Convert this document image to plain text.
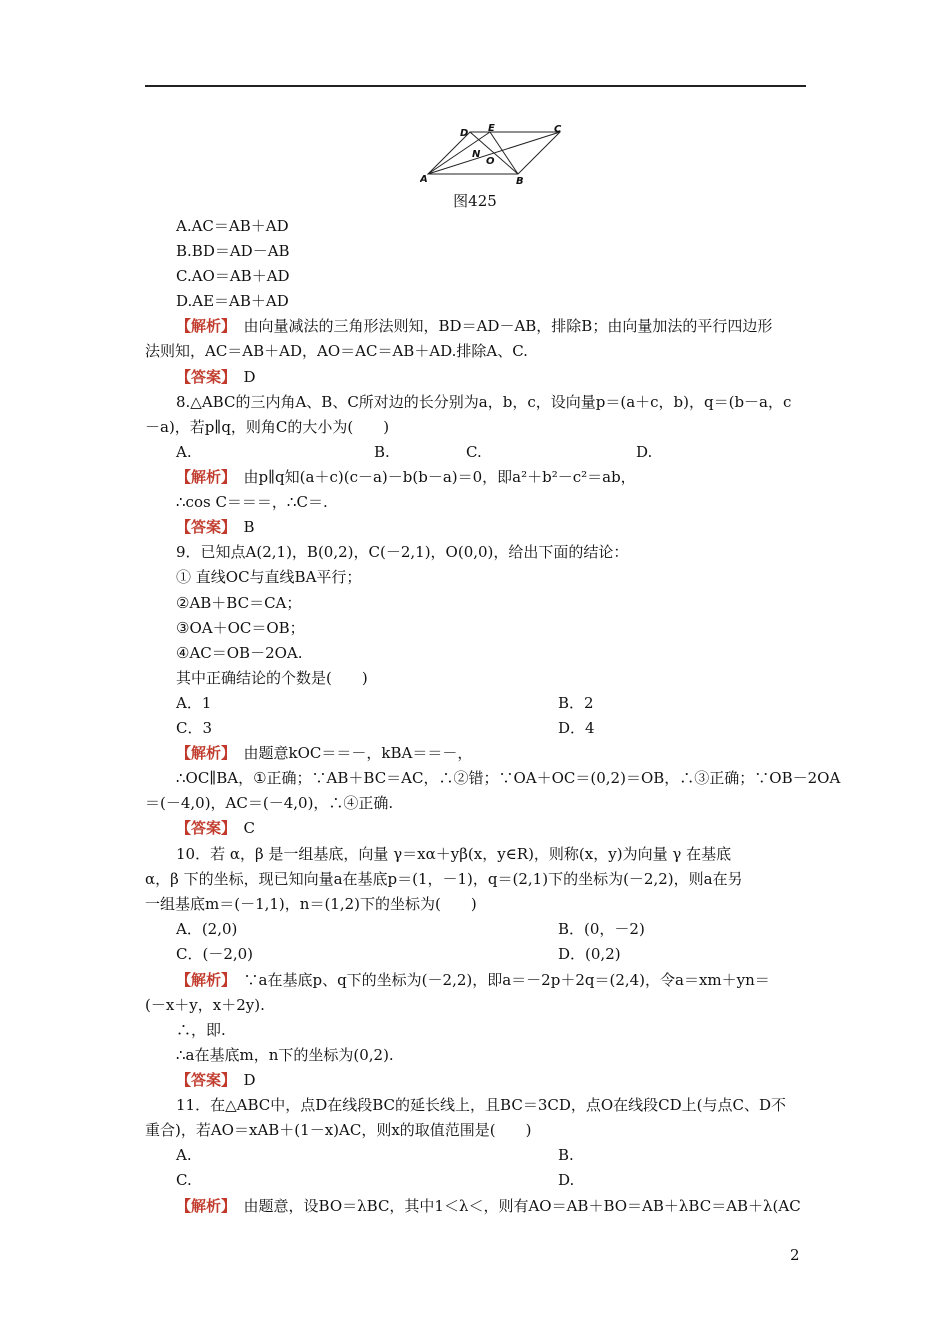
A	B
C
D E
N
O
图425
A.AC＝AB＋AD
B.BD＝AD－AB
C.AO＝AB＋AD
D.AE＝AB＋AD
【解析】　 由向量减法的三角形法则知，BD＝AD－AB，排除B；由向量加法的平行四边形
法则知，AC＝AB＋AD，AO＝AC＝AB＋AD.排除A、C.
【答案】　 D
8.△ABC的三内角A、B、C所对边的长分别为a，b，c，设向量p＝(a＋c，b)，q＝(b－a，c
－a)，若p∥q，则角C的大小为(　　)
A.	B.	C.	D.
【解析】　 由p∥q知(a＋c)(c－a)－b(b－a)＝0，即a²＋b²－c²＝ab，
∴cos C＝＝＝，∴C＝.
【答案】　 B
9．已知点A(2,1)，B(0,2)，C(－2,1)，O(0,0)，给出下面的结论：
① 直线OC与直线BA平行；
②AB＋BC＝CA；
③OA＋OC＝OB；
④AC＝OB－2OA.
其中正确结论的个数是(　　)
A．1	B．2
C．3	D．4
【解析】　 由题意kOC＝＝－，kBA＝＝－，
∴OC∥BA，①正确；∵AB＋BC＝AC，∴②错；∵OA＋OC＝(0,2)＝OB，∴③正确；∵OB－2OA
＝(－4,0)，AC＝(－4,0)，∴④正确.
【答案】　 C
10．若 α，β 是一组基底，向量 γ＝xα＋yβ(x，y∈R)，则称(x，y)为向量 γ 在基底
α，β 下的坐标，现已知向量a在基底p＝(1，－1)，q＝(2,1)下的坐标为(－2,2)，则a在另
一组基底m＝(－1,1)，n＝(1,2)下的坐标为(　　)
A．(2,0)	B．(0，－2)
C．(－2,0)	D．(0,2)
【解析】　 ∵a在基底p、q下的坐标为(－2,2)，即a＝－2p＋2q＝(2,4)，令a＝xm＋yn＝
(－x＋y，x＋2y).
∴，即.
∴a在基底m，n下的坐标为(0,2).
【答案】　 D
11．在△ABC中，点D在线段BC的延长线上，且BC＝3CD，点O在线段CD上(与点C、D不
重合)，若AO＝xAB＋(1－x)AC，则x的取值范围是(　　)
A.	B.
C.	D.
【解析】　 由题意，设BO＝λBC，其中1＜λ＜，则有AO＝AB＋BO＝AB＋λBC＝AB＋λ(AC
2
